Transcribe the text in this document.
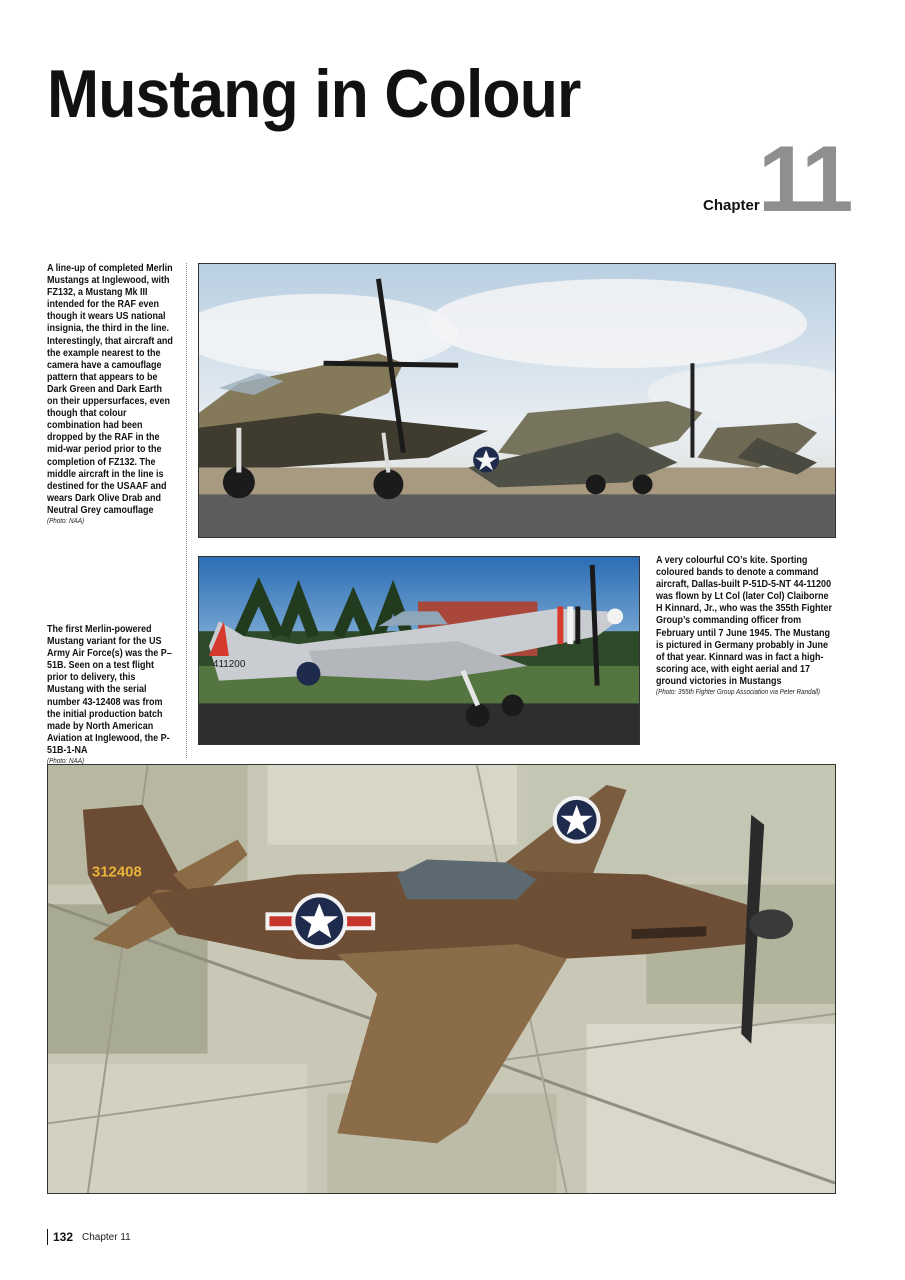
Mustang in Colour
Chapter
11
A line-up of completed Merlin Mustangs at Inglewood, with FZ132, a Mustang Mk III intended for the RAF even though it wears US national insignia, the third in the line. Interestingly, that aircraft and the example nearest to the camera have a camouflage pattern that appears to be Dark Green and Dark Earth on their uppersurfaces, even though that colour combination had been dropped by the RAF in the mid-war period prior to the completion of FZ132. The middle aircraft in the line is destined for the USAAF and wears Dark Olive Drab and Neutral Grey camouflage
(Photo: NAA)
The first Merlin-powered Mustang variant for the US Army Air Force(s) was the P–51B. Seen on a test flight prior to delivery, this Mustang with the serial number 43-12408 was from the initial production batch made by North American Aviation at Inglewood, the P-51B-1-NA
(Photo: NAA)
411200
A very colourful CO’s kite. Sporting coloured bands to denote a command aircraft, Dallas-built P-51D-5-NT 44-11200 was flown by Lt Col (later Col) Claiborne H Kinnard, Jr., who was the 355th Fighter Group’s commanding officer from February until 7 June 1945. The Mustang is pictured in Germany probably in June of that year. Kinnard was in fact a high-scoring ace, with eight aerial and 17 ground victories in Mustangs
(Photo: 355th Fighter Group Association via Peter Randall)
312408
132 Chapter 11
